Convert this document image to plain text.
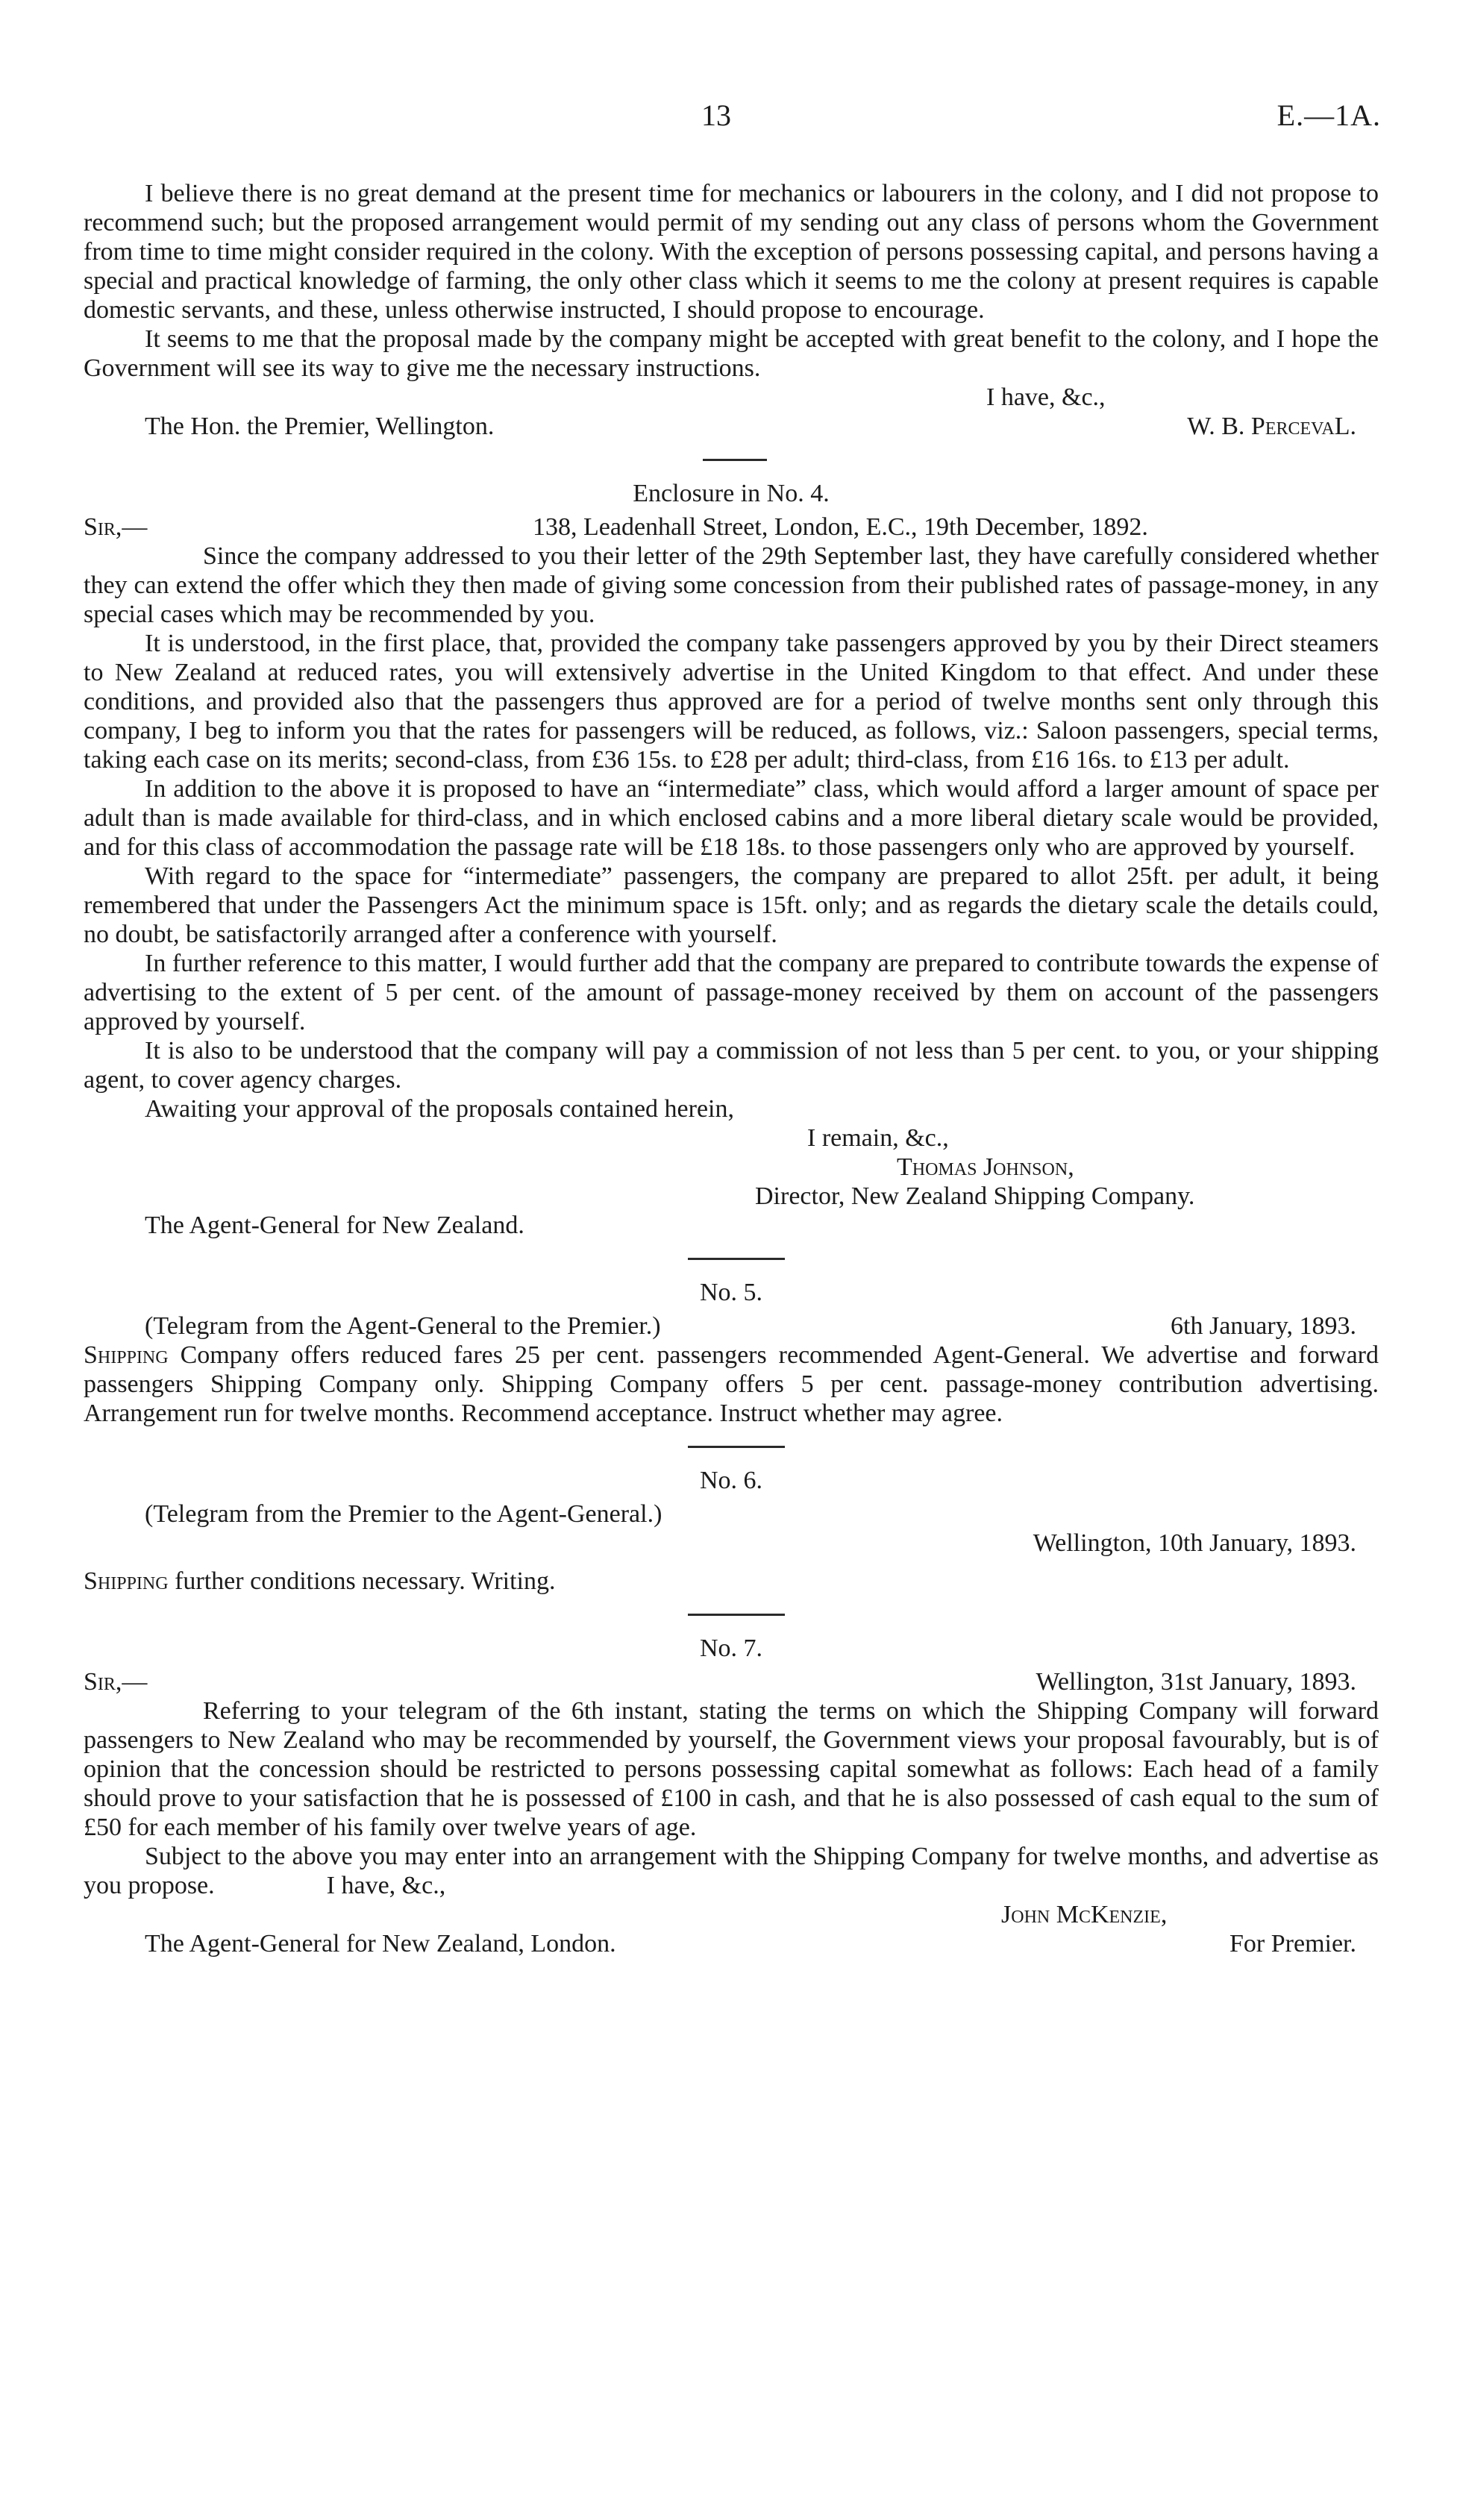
13	E.—1A.

I believe there is no great demand at the present time for mechanics or labourers in the colony, and I did not propose to recommend such; but the proposed arrangement would permit of my sending out any class of persons whom the Government from time to time might consider required in the colony. With the exception of persons possessing capital, and persons having a special and practical knowledge of farming, the only other class which it seems to me the colony at present requires is capable domestic servants, and these, unless otherwise instructed, I should propose to encourage.

It seems to me that the proposal made by the company might be accepted with great benefit to the colony, and I hope the Government will see its way to give me the necessary instructions.

I have, &c.,
The Hon. the Premier, Wellington.	W. B. PercevaL.
Enclosure in No. 4.
Sir,—	138, Leadenhall Street, London, E.C., 19th December, 1892.

Since the company addressed to you their letter of the 29th September last, they have carefully considered whether they can extend the offer which they then made of giving some concession from their published rates of passage-money, in any special cases which may be recommended by you.

It is understood, in the first place, that, provided the company take passengers approved by you by their Direct steamers to New Zealand at reduced rates, you will extensively advertise in the United Kingdom to that effect. And under these conditions, and provided also that the passengers thus approved are for a period of twelve months sent only through this company, I beg to inform you that the rates for passengers will be reduced, as follows, viz.: Saloon passengers, special terms, taking each case on its merits; second-class, from £36 15s. to £28 per adult; third-class, from £16 16s. to £13 per adult.

In addition to the above it is proposed to have an “intermediate” class, which would afford a larger amount of space per adult than is made available for third-class, and in which enclosed cabins and a more liberal dietary scale would be provided, and for this class of accommodation the passage rate will be £18 18s. to those passengers only who are approved by yourself.

With regard to the space for “intermediate” passengers, the company are prepared to allot 25ft. per adult, it being remembered that under the Passengers Act the minimum space is 15ft. only; and as regards the dietary scale the details could, no doubt, be satisfactorily arranged after a conference with yourself.

In further reference to this matter, I would further add that the company are prepared to contribute towards the expense of advertising to the extent of 5 per cent. of the amount of passage-money received by them on account of the passengers approved by yourself.

It is also to be understood that the company will pay a commission of not less than 5 per cent. to you, or your shipping agent, to cover agency charges.

Awaiting your approval of the proposals contained herein,

I remain, &c.,
Thomas Johnson,
Director, New Zealand Shipping Company.
The Agent-General for New Zealand.
No. 5.
(Telegram from the Agent-General to the Premier.)	6th January, 1893.

Shipping Company offers reduced fares 25 per cent. passengers recommended Agent-General. We advertise and forward passengers Shipping Company only. Shipping Company offers 5 per cent. passage-money contribution advertising. Arrangement run for twelve months. Recommend acceptance. Instruct whether may agree.

No. 6.
(Telegram from the Premier to the Agent-General.)
Wellington, 10th January, 1893.

Shipping further conditions necessary. Writing.

No. 7.
Sir,—	Wellington, 31st January, 1893.

Referring to your telegram of the 6th instant, stating the terms on which the Shipping Company will forward passengers to New Zealand who may be recommended by yourself, the Government views your proposal favourably, but is of opinion that the concession should be restricted to persons possessing capital somewhat as follows: Each head of a family should prove to your satisfaction that he is possessed of £100 in cash, and that he is also possessed of cash equal to the sum of £50 for each member of his family over twelve years of age.

Subject to the above you may enter into an arrangement with the Shipping Company for twelve months, and advertise as you propose.	I have, &c.,

John McKenzie,
The Agent-General for New Zealand, London.	For Premier.
